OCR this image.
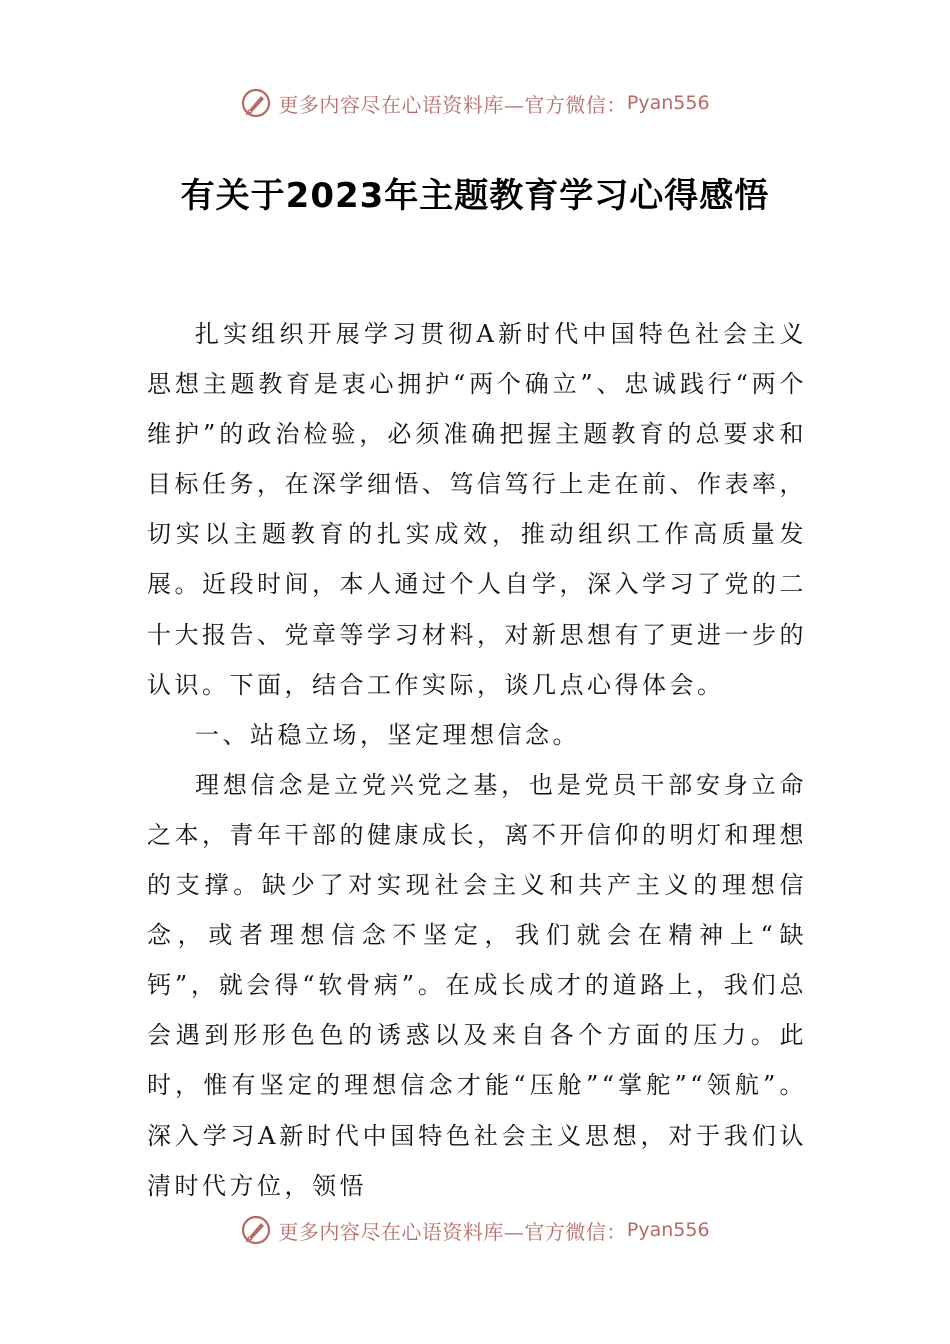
更多内容尽在心语资料库—官方微信： Pyan556
有关于2023年主题教育学习心得感悟

扎实组织开展学习贯彻A新时代中国特色社会主义思想主题教育是衷心拥护“两个确立”、忠诚践行“两个维护”的政治检验，必须准确把握主题教育的总要求和目标任务，在深学细悟、笃信笃行上走在前、作表率，切实以主题教育的扎实成效，推动组织工作高质量发展。近段时间，本人通过个人自学，深入学习了党的二十大报告、党章等学习材料，对新思想有了更进一步的认识。下面，结合工作实际，谈几点心得体会。

一、站稳立场，坚定理想信念。

理想信念是立党兴党之基，也是党员干部安身立命之本，青年干部的健康成长，离不开信仰的明灯和理想的支撑。缺少了对实现社会主义和共产主义的理想信念，或者理想信念不坚定，我们就会在精神上“缺钙”，就会得“软骨病”。在成长成才的道路上，我们总会遇到形形色色的诱惑以及来自各个方面的压力。此时，惟有坚定的理想信念才能“压舱”“掌舵”“领航”。深入学习A新时代中国特色社会主义思想，对于我们认清时代方位，领悟

更多内容尽在心语资料库—官方微信： Pyan556
